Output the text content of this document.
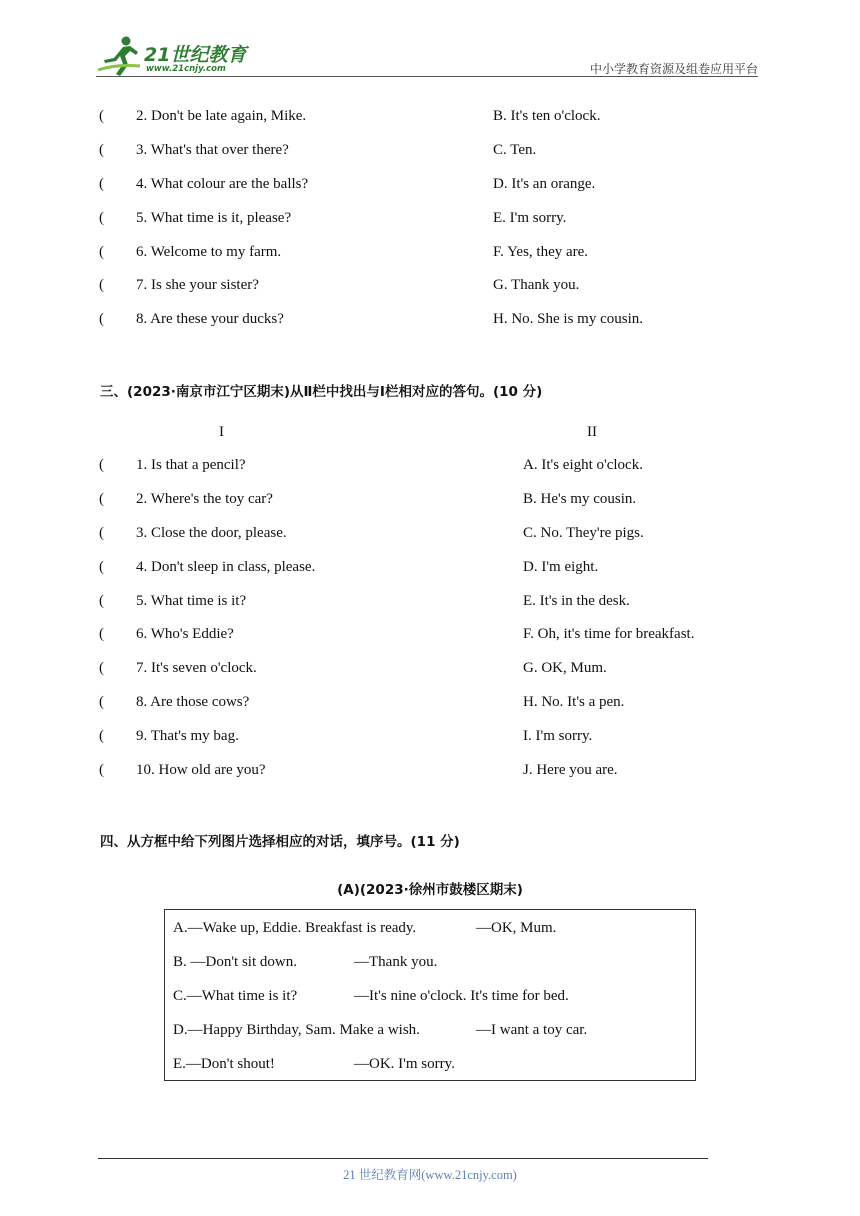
21世纪教育
www.21cnjy.com	中小学教育资源及组卷应用平台
( 2. Don't be late again, Mike.	B. It's ten o'clock.
( 3. What's that over there?	C. Ten.
( 4. What colour are the balls?	D. It's an orange.
( 5. What time is it, please?	E. I'm sorry.
( 6. Welcome to my farm.	F. Yes, they are.
( 7. Is she your sister?	G. Thank you.
( 8. Are these your ducks?	H. No. She is my cousin.
三、(2023·南京市江宁区期末)从Ⅱ栏中找出与Ⅰ栏相对应的答句。(10 分)
I	II
( 1. Is that a pencil?	A. It's eight o'clock.
( 2. Where's the toy car?	B. He's my cousin.
( 3. Close the door, please.	C. No. They're pigs.
( 4. Don't sleep in class, please.	D. I'm eight.
( 5. What time is it?	E. It's in the desk.
( 6. Who's Eddie?	F. Oh, it's time for breakfast.
( 7. It's seven o'clock.	G. OK, Mum.
( 8. Are those cows?	H. No. It's a pen.
( 9. That's my bag.	I. I'm sorry.
( 10. How old are you?	J. Here you are.
四、从方框中给下列图片选择相应的对话，填序号。(11 分)
(A)(2023·徐州市鼓楼区期末)
A.—Wake up, Eddie. Breakfast is ready.	—OK, Mum.
B. —Don't sit down.	—Thank you.
C.—What time is it?	—It's nine o'clock. It's time for bed.
D.—Happy Birthday, Sam. Make a wish.	—I want a toy car.
E.—Don't shout!	—OK. I'm sorry.
21 世纪教育网(www.21cnjy.com)
